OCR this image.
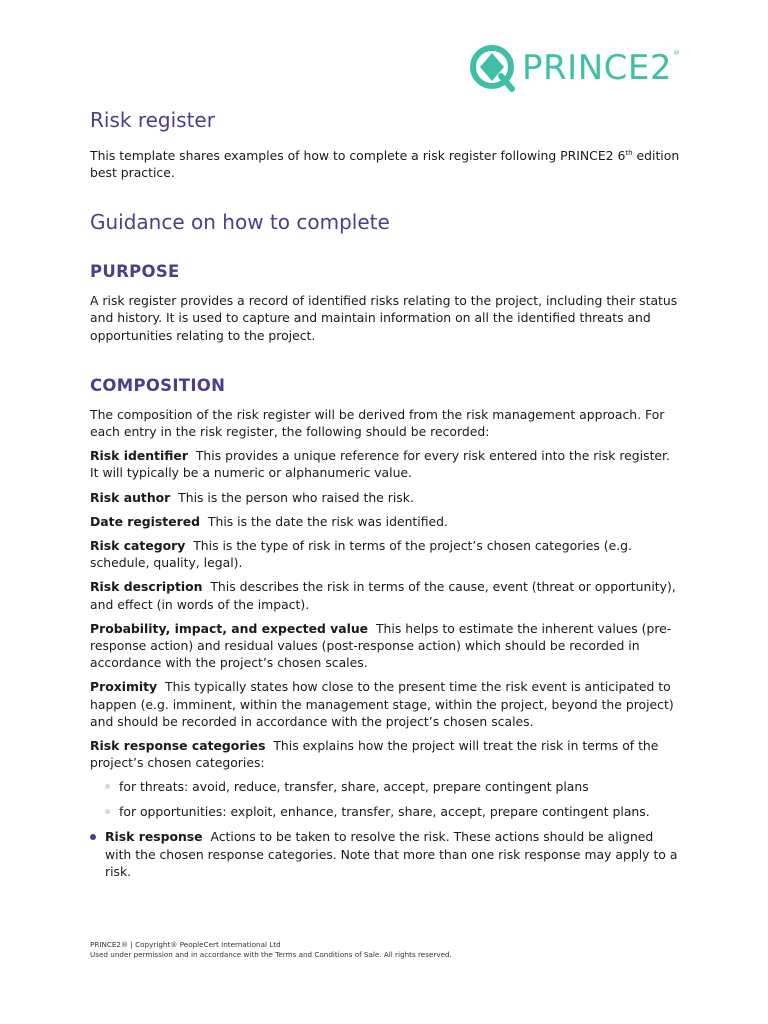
PRINCE2 ®
Risk register

This template shares examples of how to complete a risk register following PRINCE2 6th edition best practice.

Guidance on how to complete
PURPOSE

A risk register provides a record of identified risks relating to the project, including their status and history. It is used to capture and maintain information on all the identified threats and opportunities relating to the project.

COMPOSITION

The composition of the risk register will be derived from the risk management approach. For each entry in the risk register, the following should be recorded:

Risk identifier This provides a unique reference for every risk entered into the risk register. It will typically be a numeric or alphanumeric value.

Risk author This is the person who raised the risk.

Date registered This is the date the risk was identified.

Risk category This is the type of risk in terms of the project’s chosen categories (e.g. schedule, quality, legal).

Risk description This describes the risk in terms of the cause, event (threat or opportunity), and effect (in words of the impact).

Probability, impact, and expected value This helps to estimate the inherent values (pre-response action) and residual values (post-response action) which should be recorded in accordance with the project’s chosen scales.

Proximity This typically states how close to the present time the risk event is anticipated to happen (e.g. imminent, within the management stage, within the project, beyond the project) and should be recorded in accordance with the project’s chosen scales.

Risk response categories This explains how the project will treat the risk in terms of the project’s chosen categories:

for threats: avoid, reduce, transfer, share, accept, prepare contingent plans
for opportunities: exploit, enhance, transfer, share, accept, prepare contingent plans.
Risk response Actions to be taken to resolve the risk. These actions should be aligned with the chosen response categories. Note that more than one risk response may apply to a risk.
PRINCE2® | Copyright® PeopleCert International Ltd
Used under permission and in accordance with the Terms and Conditions of Sale. All rights reserved.
